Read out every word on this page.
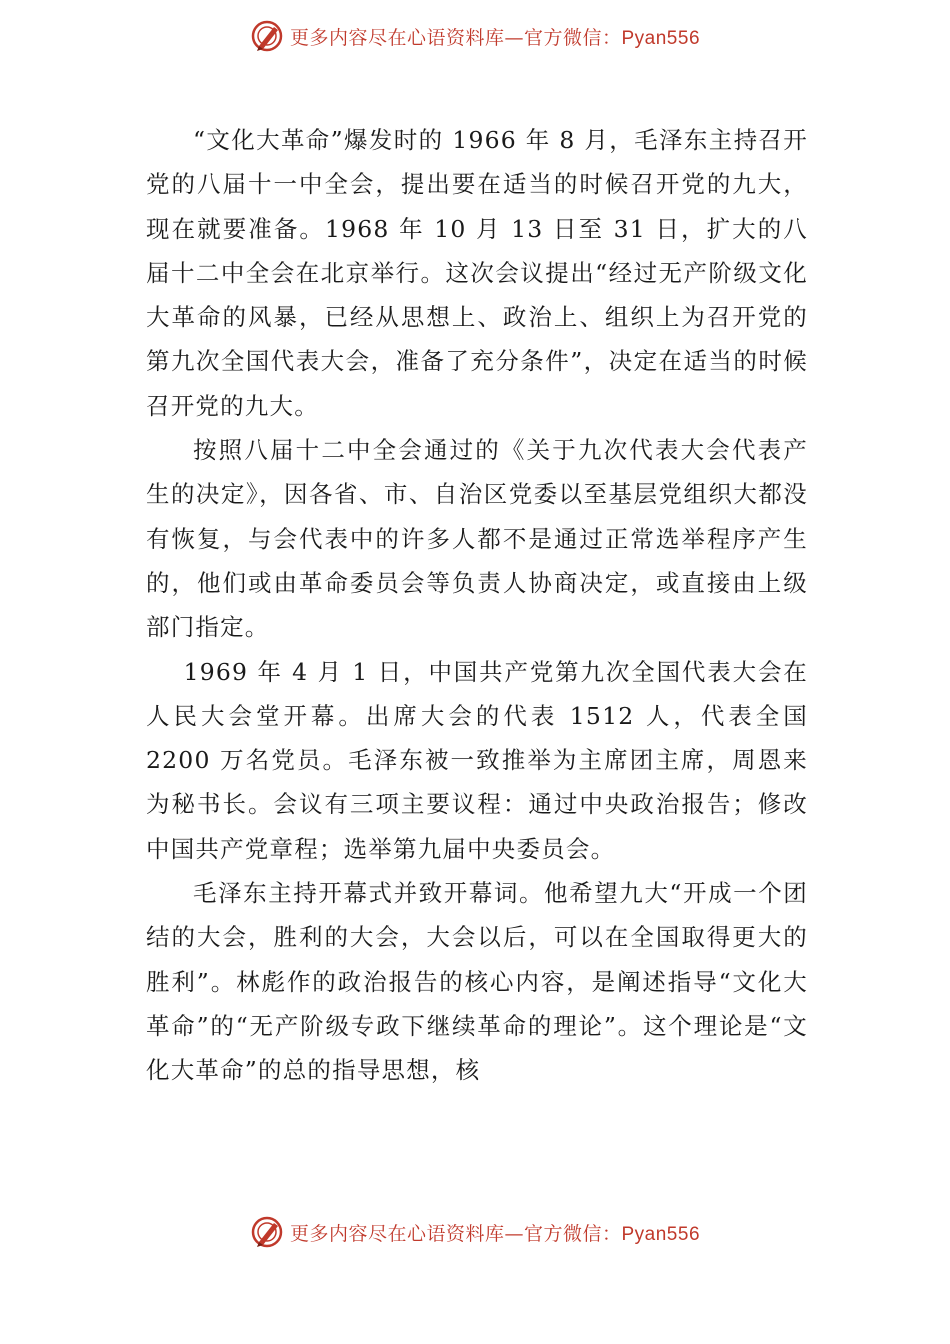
更多内容尽在心语资料库—官方微信：Pyan556

“文化大革命”爆发时的 1966 年 8 月，毛泽东主持召开党的八届十一中全会，提出要在适当的时候召开党的九大，现在就要准备。1968 年 10 月 13 日至 31 日，扩大的八届十二中全会在北京举行。这次会议提出“经过无产阶级文化大革命的风暴，已经从思想上、政治上、组织上为召开党的第九次全国代表大会，准备了充分条件”，决定在适当的时候召开党的九大。

按照八届十二中全会通过的《关于九次代表大会代表产生的决定》，因各省、市、自治区党委以至基层党组织大都没有恢复，与会代表中的许多人都不是通过正常选举程序产生的，他们或由革命委员会等负责人协商决定，或直接由上级部门指定。

1969 年 4 月 1 日，中国共产党第九次全国代表大会在人民大会堂开幕。出席大会的代表 1512 人，代表全国 2200 万名党员。毛泽东被一致推举为主席团主席，周恩来为秘书长。会议有三项主要议程：通过中央政治报告；修改中国共产党章程；选举第九届中央委员会。

毛泽东主持开幕式并致开幕词。他希望九大“开成一个团结的大会，胜利的大会，大会以后，可以在全国取得更大的胜利”。林彪作的政治报告的核心内容，是阐述指导“文化大革命”的“无产阶级专政下继续革命的理论”。这个理论是“文化大革命”的总的指导思想，核

更多内容尽在心语资料库—官方微信：Pyan556
